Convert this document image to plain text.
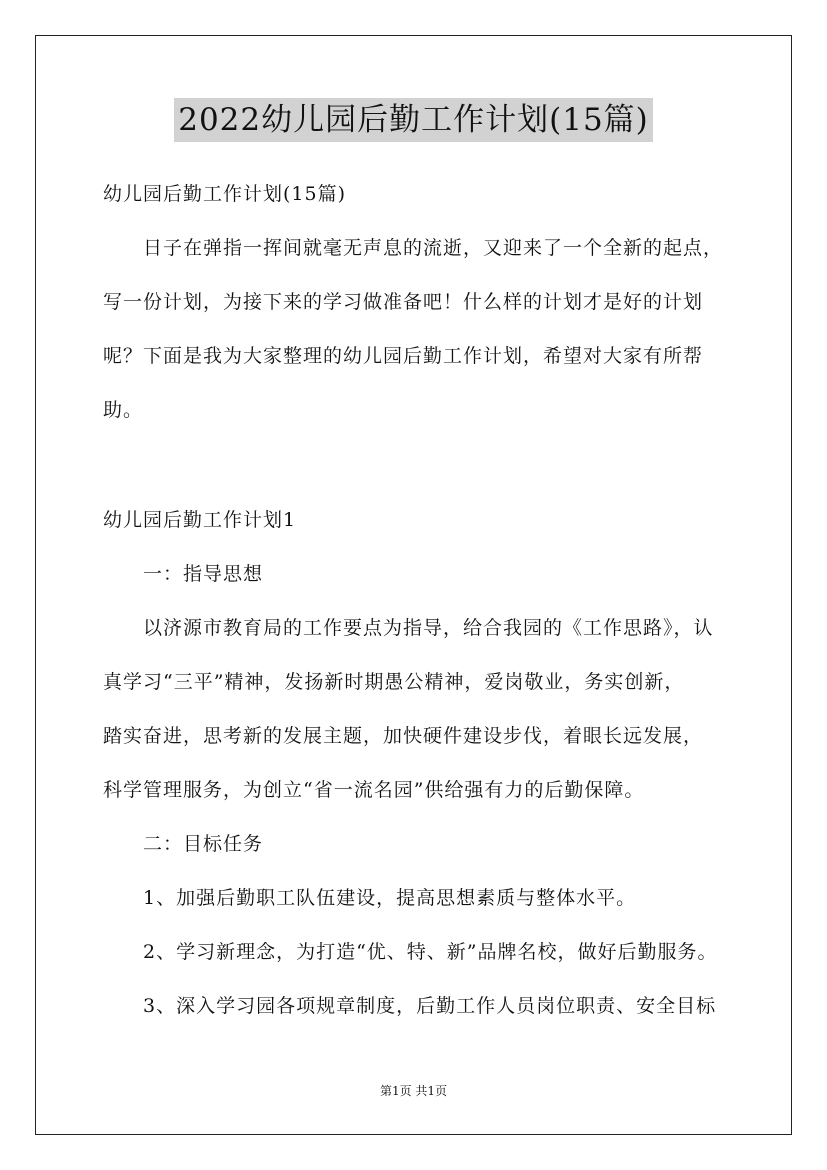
2022幼儿园后勤工作计划(15篇)
幼儿园后勤工作计划(15篇)
日子在弹指一挥间就毫无声息的流逝，又迎来了一个全新的起点，
写一份计划，为接下来的学习做准备吧！什么样的计划才是好的计划
呢？下面是我为大家整理的幼儿园后勤工作计划，希望对大家有所帮
助。
幼儿园后勤工作计划1
一：指导思想
以济源市教育局的工作要点为指导，给合我园的《工作思路》，认
真学习“三平”精神，发扬新时期愚公精神，爱岗敬业，务实创新，
踏实奋进，思考新的发展主题，加快硬件建设步伐，着眼长远发展，
科学管理服务，为创立“省一流名园”供给强有力的后勤保障。
二：目标任务
1、加强后勤职工队伍建设，提高思想素质与整体水平。
2、学习新理念，为打造“优、特、新”品牌名校，做好后勤服务。
3、深入学习园各项规章制度，后勤工作人员岗位职责、安全目标
第1页 共1页
